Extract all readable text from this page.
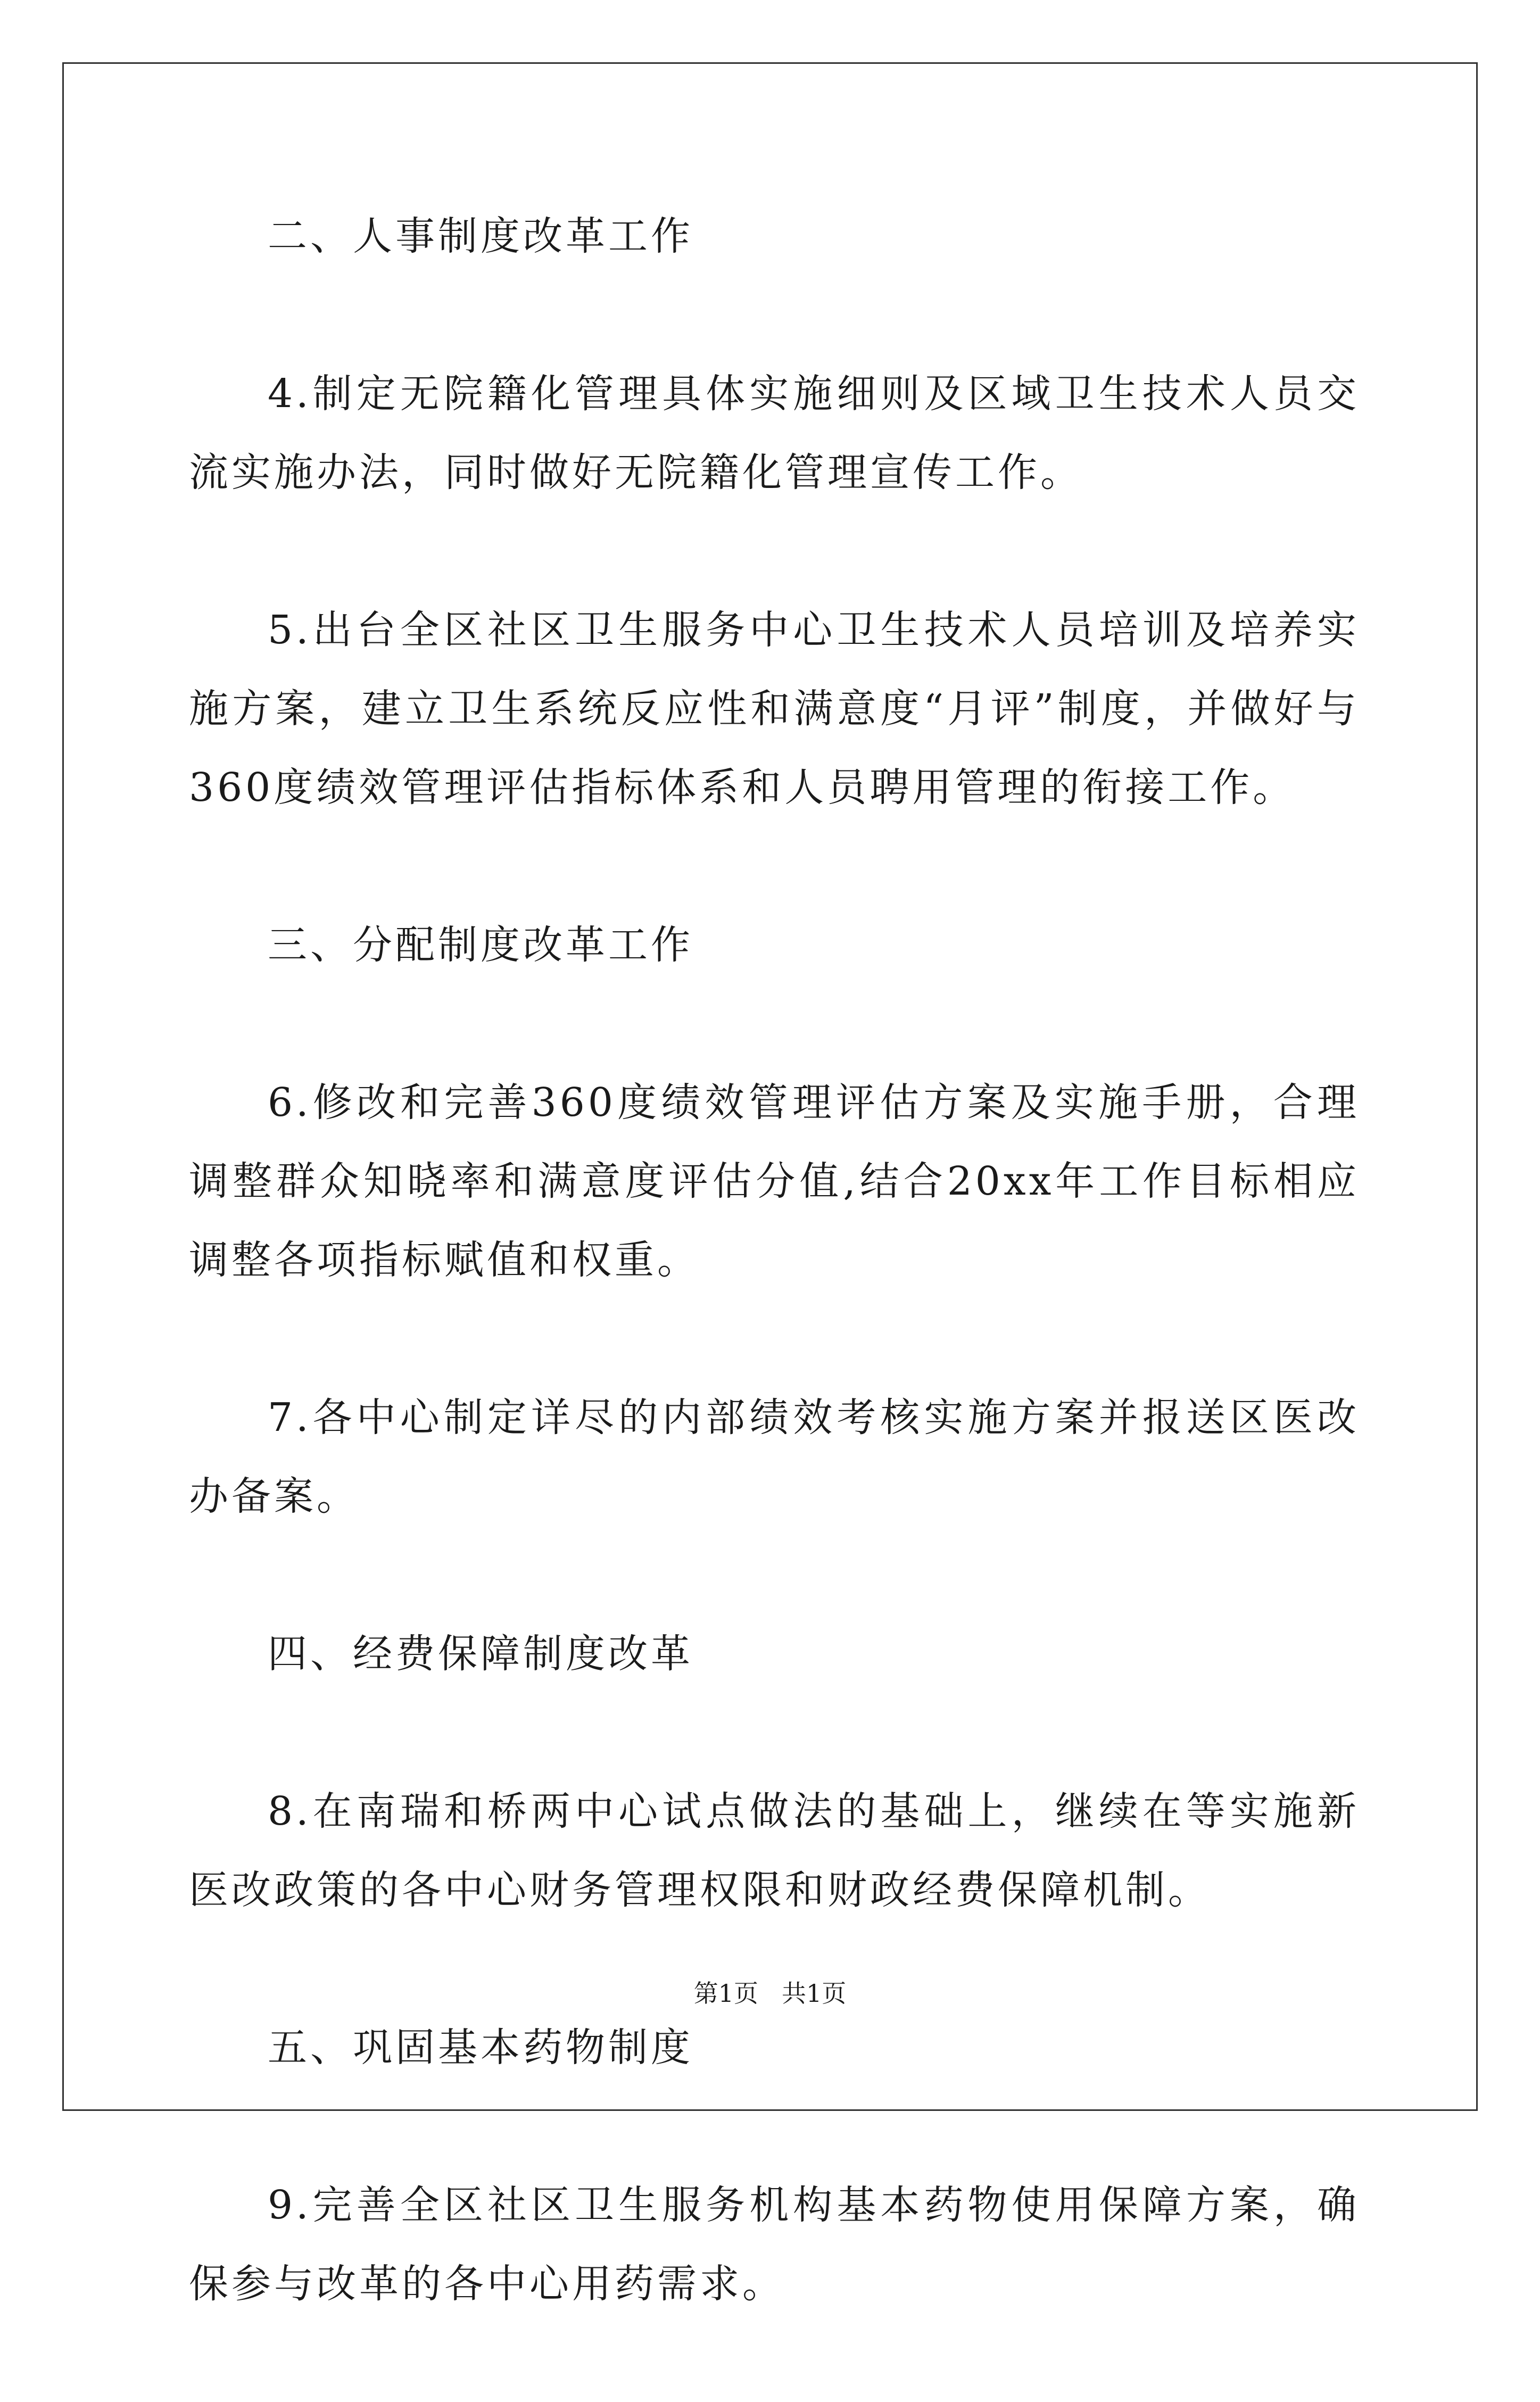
二、人事制度改革工作

4.制定无院籍化管理具体实施细则及区域卫生技术人员交流实施办法，同时做好无院籍化管理宣传工作。

5.出台全区社区卫生服务中心卫生技术人员培训及培养实施方案，建立卫生系统反应性和满意度“月评”制度，并做好与360度绩效管理评估指标体系和人员聘用管理的衔接工作。

三、分配制度改革工作

6.修改和完善360度绩效管理评估方案及实施手册，合理调整群众知晓率和满意度评估分值,结合20xx年工作目标相应调整各项指标赋值和权重。

7.各中心制定详尽的内部绩效考核实施方案并报送区医改办备案。

四、经费保障制度改革

8.在南瑞和桥两中心试点做法的基础上，继续在等实施新医改政策的各中心财务管理权限和财政经费保障机制。

五、巩固基本药物制度

9.完善全区社区卫生服务机构基本药物使用保障方案，确保参与改革的各中心用药需求。

第1页 共1页
